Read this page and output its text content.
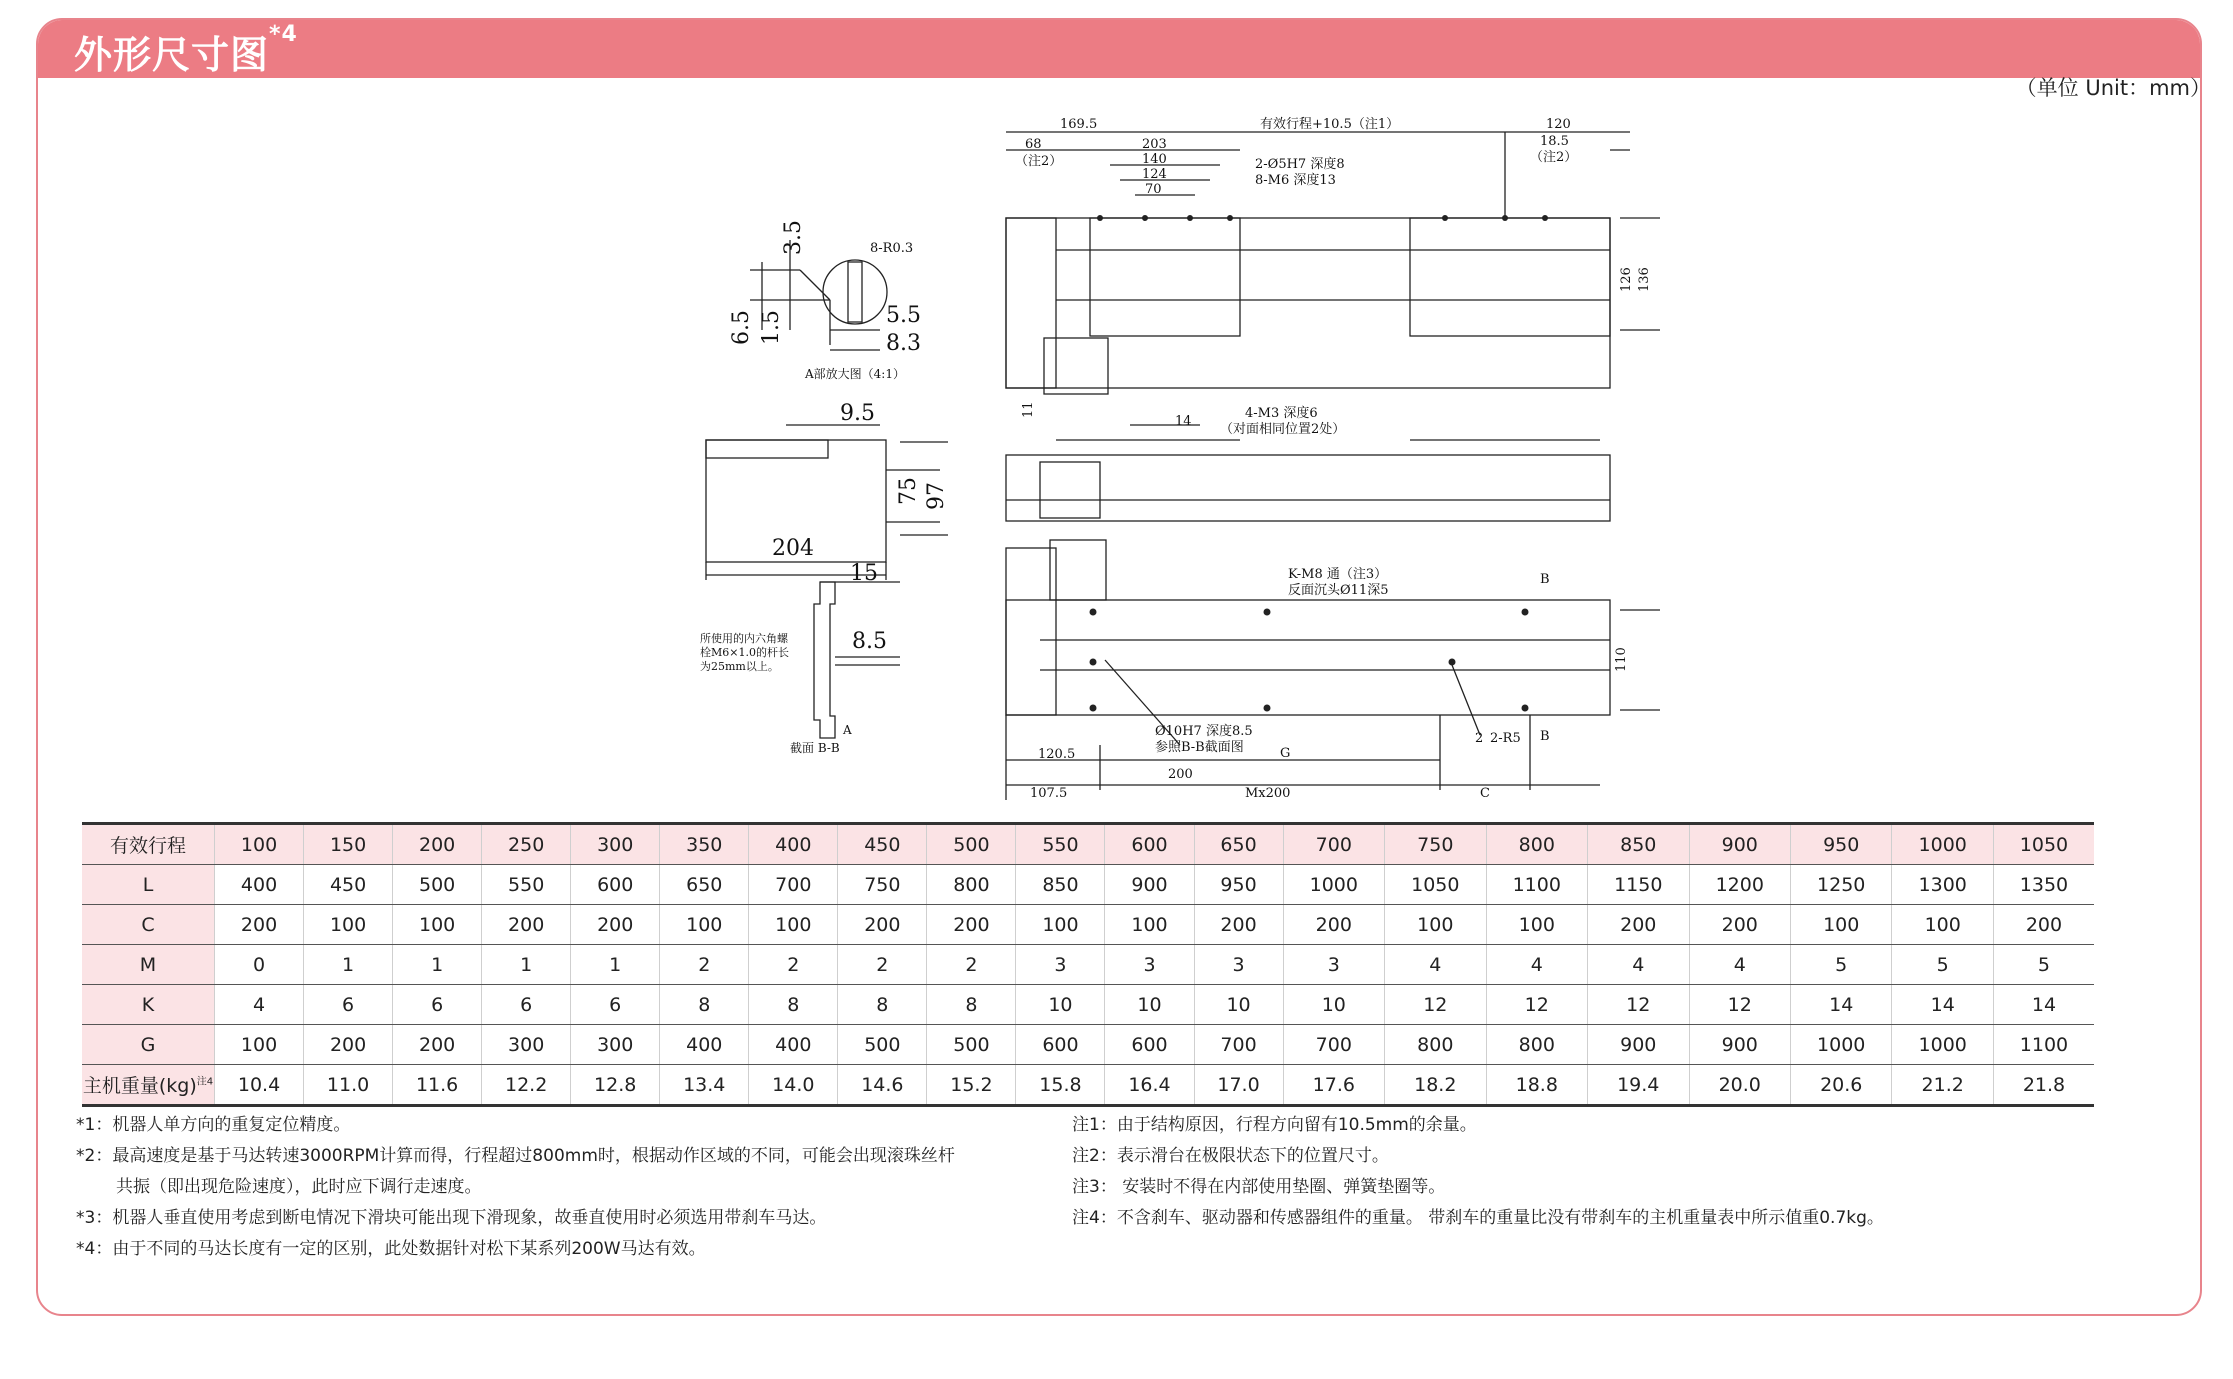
外形尺寸图$^{*4}$
（单位 Unit：mm）
8-R0.3
3.5
6.5 1.5	5.5
8.3
A部放大图（4:1）
9.5
75 97
204
15
8.5
所使用的内六角螺
栓M6×1.0的杆长
为25mm以上。
截面 B-B
A
169.5	有效行程+10.5（注1）	120
68
（注2）
203
140
124
70
2-Ø5H7 深度8
8-M6 深度13
18.5
（注2）
126 136
11
14
4-M3 深度6
（对面相同位置2处）
K-M8 通（注3）
反面沉头Ø11深5
B
110
Ø10H7 深度8.5
参照B-B截面图	G
2 2-R5 B
120.5
200
107.5	Mx200	C
有效行程	100	150	200	250	300	350	400	450	500	550	600	650	700	750	800	850	900	950	1000	1050
L	400	450	500	550	600	650	700	750	800	850	900	950	1000	1050	1100	1150	1200	1250	1300	1350
C	200	100	100	200	200	100	100	200	200	100	100	200	200	100	100	200	200	100	100	200
M	0	1	1	1	1	2	2	2	2	3	3	3	3	4	4	4	4	5	5	5
K	4	6	6	6	6	8	8	8	8	10	10	10	10	12	12	12	12	14	14	14
G	100	200	200	300	300	400	400	500	500	600	600	700	700	800	800	900	900	1000	1000	1100
主机重量(kg)$^{注4}$	10.4	11.0	11.6	12.2	12.8	13.4	14.0	14.6	15.2	15.8	16.4	17.0	17.6	18.2	18.8	19.4	20.0	20.6	21.2	21.8
*1：机器人单方向的重复定位精度。
*2：最高速度是基于马达转速3000RPM计算而得，行程超过800mm时，根据动作区域的不同，可能会出现滚珠丝杆
共振（即出现危险速度），此时应下调行走速度。
*3：机器人垂直使用考虑到断电情况下滑块可能出现下滑现象，故垂直使用时必须选用带刹车马达。
*4：由于不同的马达长度有一定的区别，此处数据针对松下某系列200W马达有效。
注1：由于结构原因，行程方向留有10.5mm的余量。
注2：表示滑台在极限状态下的位置尺寸。
注3： 安装时不得在内部使用垫圈、弹簧垫圈等。
注4：不含刹车、驱动器和传感器组件的重量。 带刹车的重量比没有带刹车的主机重量表中所示值重0.7kg。
